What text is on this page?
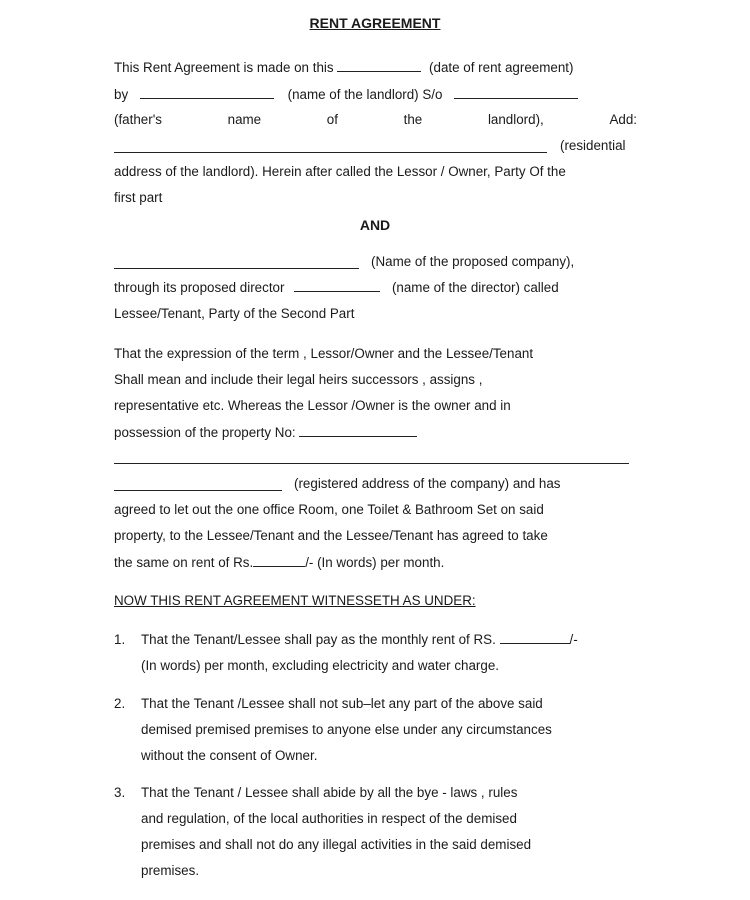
RENT AGREEMENT
This Rent Agreement is made on this	(date of rent agreement)
by	(name of the landlord) S/o
(father's	name	of	the	landlord),	Add:
(residential
address of the landlord). Herein after called the Lessor / Owner, Party Of the
first part
AND
(Name of the proposed company),
through its proposed director	(name of the director) called
Lessee/Tenant, Party of the Second Part
That the expression of the term , Lessor/Owner and the Lessee/Tenant
Shall mean and include their legal heirs successors , assigns ,
representative etc. Whereas the Lessor /Owner is the owner and in
possession of the property No:
(registered address of the company) and has
agreed to let out the one office Room, one Toilet & Bathroom Set on said
property, to the Lessee/Tenant and the Lessee/Tenant has agreed to take
the same on rent of Rs.	/- (In words) per month.
NOW THIS RENT AGREEMENT WITNESSETH AS UNDER:
1. That the Tenant/Lessee shall pay as the monthly rent of RS.	/-
(In words) per month, excluding electricity and water charge.
2. That the Tenant /Lessee shall not sub–let any part of the above said
demised premised premises to anyone else under any circumstances
without the consent of Owner.
3. That the Tenant / Lessee shall abide by all the bye - laws , rules
and regulation, of the local authorities in respect of the demised
premises and shall not do any illegal activities in the said demised
premises.
